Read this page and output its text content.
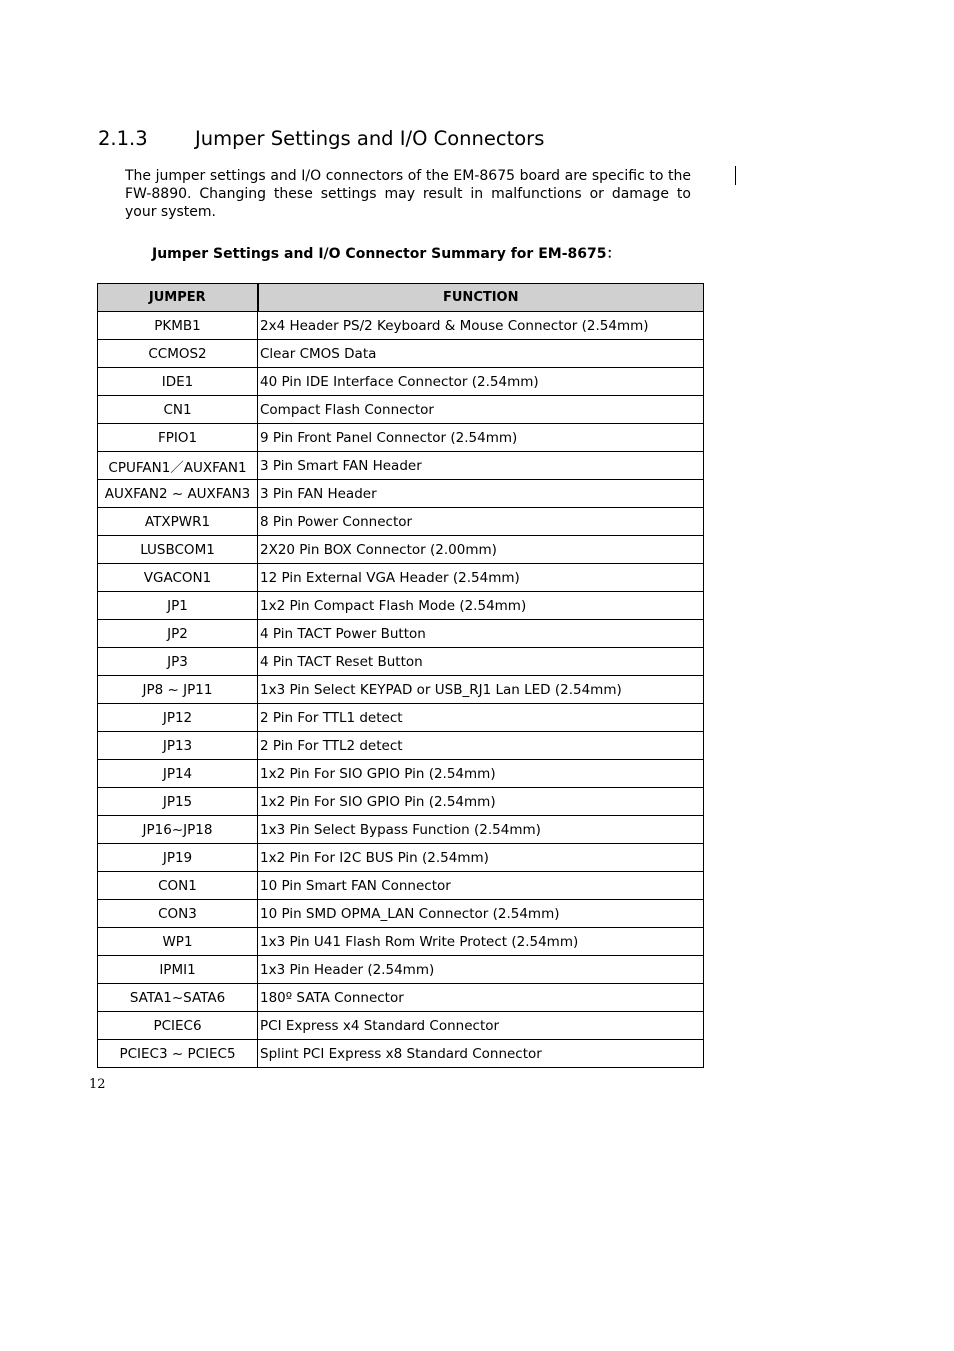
2.1.3 Jumper Settings and I/O Connectors

The jumper settings and I/O connectors of the EM-8675 board are specific to the FW-8890. Changing these settings may result in malfunctions or damage to your system.

Jumper Settings and I/O Connector Summary for EM-8675：
JUMPER	FUNCTION
PKMB1	2x4 Header PS/2 Keyboard & Mouse Connector (2.54mm)
CCMOS2	Clear CMOS Data
IDE1	40 Pin IDE Interface Connector (2.54mm)
CN1	Compact Flash Connector
FPIO1	9 Pin Front Panel Connector (2.54mm)
CPUFAN1／AUXFAN1	3 Pin Smart FAN Header
AUXFAN2 ~ AUXFAN3	3 Pin FAN Header
ATXPWR1	8 Pin Power Connector
LUSBCOM1	2X20 Pin BOX Connector (2.00mm)
VGACON1	12 Pin External VGA Header (2.54mm)
JP1	1x2 Pin Compact Flash Mode (2.54mm)
JP2	4 Pin TACT Power Button
JP3	4 Pin TACT Reset Button
JP8 ~ JP11	1x3 Pin Select KEYPAD or USB_RJ1 Lan LED (2.54mm)
JP12	2 Pin For TTL1 detect
JP13	2 Pin For TTL2 detect
JP14	1x2 Pin For SIO GPIO Pin (2.54mm)
JP15	1x2 Pin For SIO GPIO Pin (2.54mm)
JP16~JP18	1x3 Pin Select Bypass Function (2.54mm)
JP19	1x2 Pin For I2C BUS Pin (2.54mm)
CON1	10 Pin Smart FAN Connector
CON3	10 Pin SMD OPMA_LAN Connector (2.54mm)
WP1	1x3 Pin U41 Flash Rom Write Protect (2.54mm)
IPMI1	1x3 Pin Header (2.54mm)
SATA1~SATA6	180º SATA Connector
PCIEC6	PCI Express x4 Standard Connector
PCIEC3 ~ PCIEC5	Splint PCI Express x8 Standard Connector
12
